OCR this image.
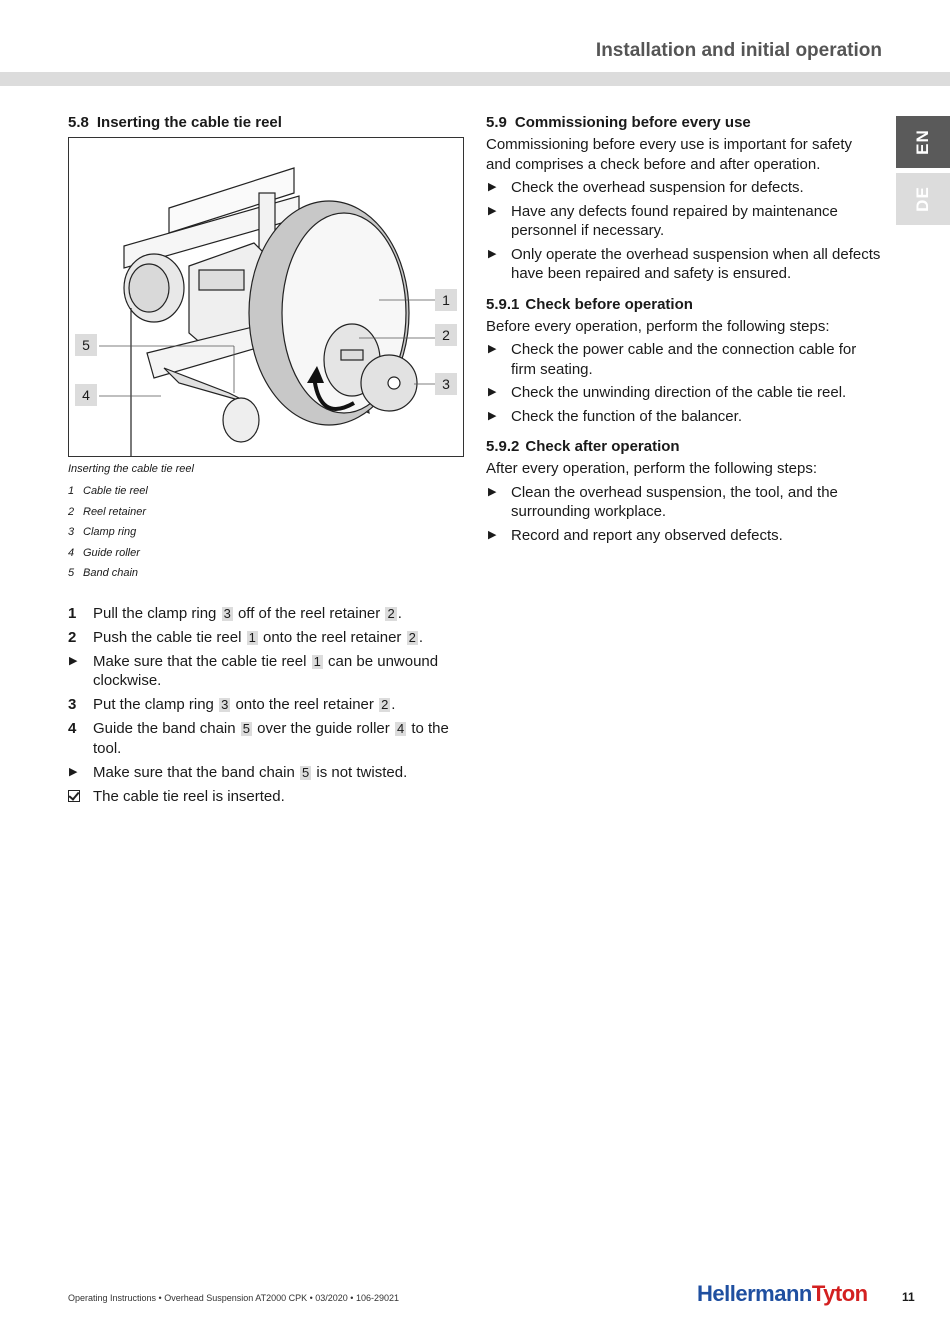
Installation and initial operation
EN
DE
5.8 Inserting the cable tie reel
1
2
3
4
5
Inserting the cable tie reel
1 Cable tie reel
2 Reel retainer
3 Clamp ring
4 Guide roller
5 Band chain
1 Pull the clamp ring 3 off of the reel retainer 2 .
2 Push the cable tie reel 1 onto the reel retainer 2 .
▶ Make sure that the cable tie reel 1 can be unwound clockwise.
3 Put the clamp ring 3 onto the reel retainer 2 .
4 Guide the band chain 5 over the guide roller 4 to the tool.
▶ Make sure that the band chain 5 is not twisted.
The cable tie reel is inserted.
5.9 Commissioning before every use

Commissioning before every use is important for safety and comprises a check before and after operation.

▶ Check the overhead suspension for defects.
▶ Have any defects found repaired by maintenance personnel if necessary.
▶ Only operate the overhead suspension when all defects have been repaired and safety is ensured.
5.9.1 Check before operation

Before every operation, perform the following steps:

▶ Check the power cable and the connection cable for firm seating.
▶ Check the unwinding direction of the cable tie reel.
▶ Check the function of the balancer.
5.9.2 Check after operation

After every operation, perform the following steps:

▶ Clean the overhead suspension, the tool, and the surrounding workplace.
▶ Record and report any observed defects.
Operating Instructions • Overhead Suspension AT2000 CPK • 03/2020 • 106-29021	HellermannTyton	11
